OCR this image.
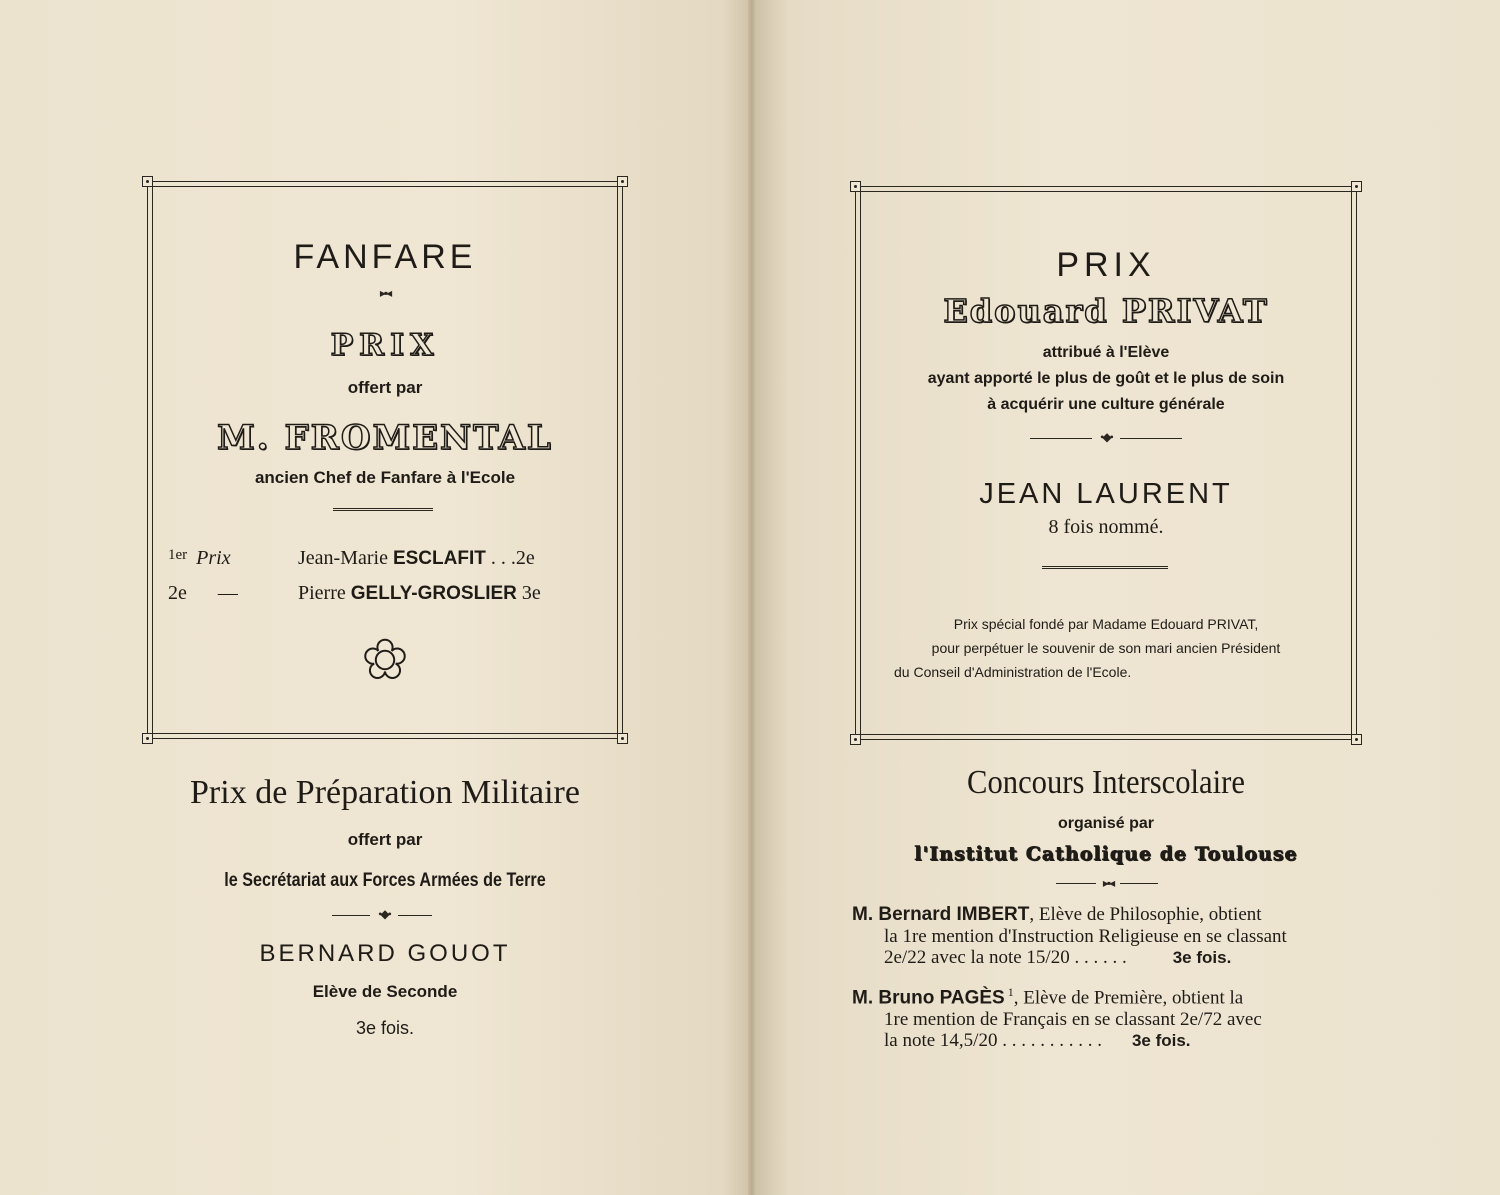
FANFARE
▸▪◂
PRIX
offert par
M. FROMENTAL
ancien Chef de Fanfare à l'Ecole
$^{1er}$ Prix	Jean-Marie ESCLAFIT . . .2e
2e —	Pierre GELLY-GROSLIER 3e
✿
Prix de Préparation Militaire
offert par
le Secrétariat aux Forces Armées de Terre
•◆•
BERNARD GOUOT
Elève de Seconde
3e fois.
PRIX
Edouard PRIVAT
attribué à l'Elève
ayant apporté le plus de goût et le plus de soin
à acquérir une culture générale
•◆•
JEAN LAURENT
8 fois nommé.
Prix spécial fondé par Madame Edouard PRIVAT,
pour perpétuer le souvenir de son mari ancien Président
du Conseil d'Administration de l'Ecole.
Concours Interscolaire
organisé par
l'Institut Catholique de Toulouse
▸▪◂
M. Bernard IMBERT, Elève de Philosophie, obtient
la 1re mention d'Instruction Religieuse en se classant
2e/22 avec la note 15/20 . . . . . .	3e fois.
M. Bruno PAGÈS $^1$, Elève de Première, obtient la
1re mention de Français en se classant 2e/72 avec
la note 14,5/20 . . . . . . . . . . . 3e fois.
